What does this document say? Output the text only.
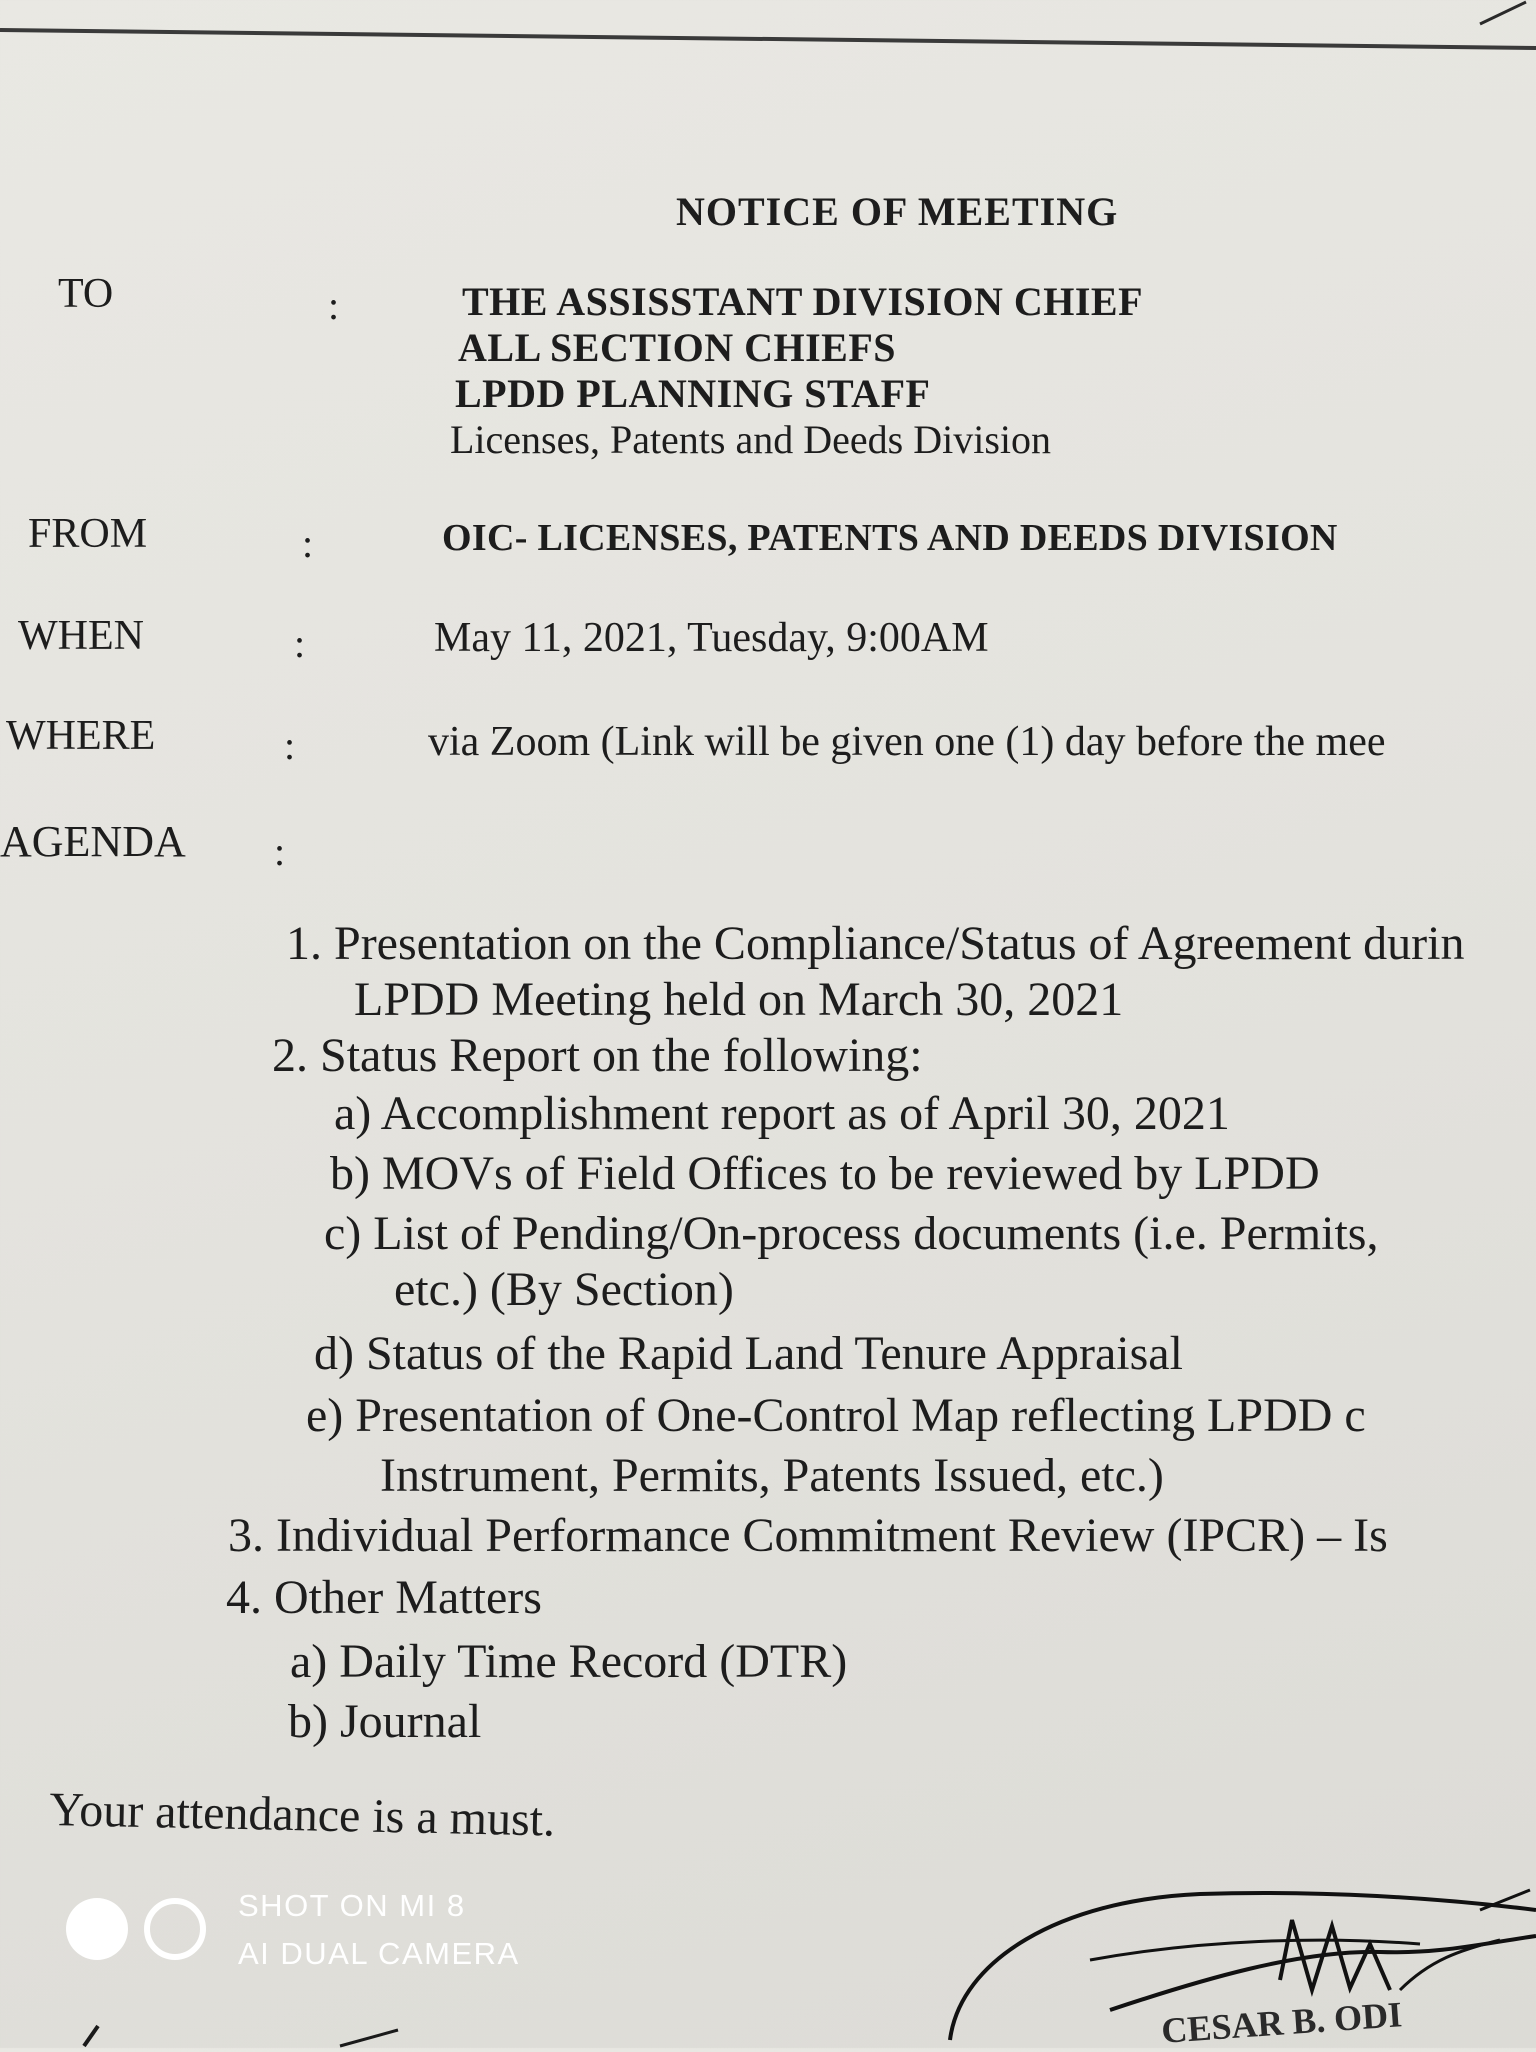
NOTICE OF MEETING
TO	:	THE ASSISSTANT DIVISION CHIEF
ALL SECTION CHIEFS
LPDD PLANNING STAFF
Licenses, Patents and Deeds Division
FROM	:	OIC- LICENSES, PATENTS AND DEEDS DIVISION
WHEN	:	May 11, 2021, Tuesday, 9:00AM
WHERE	:	via Zoom (Link will be given one (1) day before the mee
AGENDA :
1. Presentation on the Compliance/Status of Agreement durin
LPDD Meeting held on March 30, 2021
2. Status Report on the following:
a) Accomplishment report as of April 30, 2021
b) MOVs of Field Offices to be reviewed by LPDD
c) List of Pending/On-process documents (i.e. Permits,
etc.) (By Section)
d) Status of the Rapid Land Tenure Appraisal
e) Presentation of One-Control Map reflecting LPDD c
Instrument, Permits, Patents Issued, etc.)
3. Individual Performance Commitment Review (IPCR) – Is
4. Other Matters
a) Daily Time Record (DTR)
b) Journal
Your attendance is a must.
SHOT ON MI 8
AI DUAL CAMERA
CESAR B. ODI
